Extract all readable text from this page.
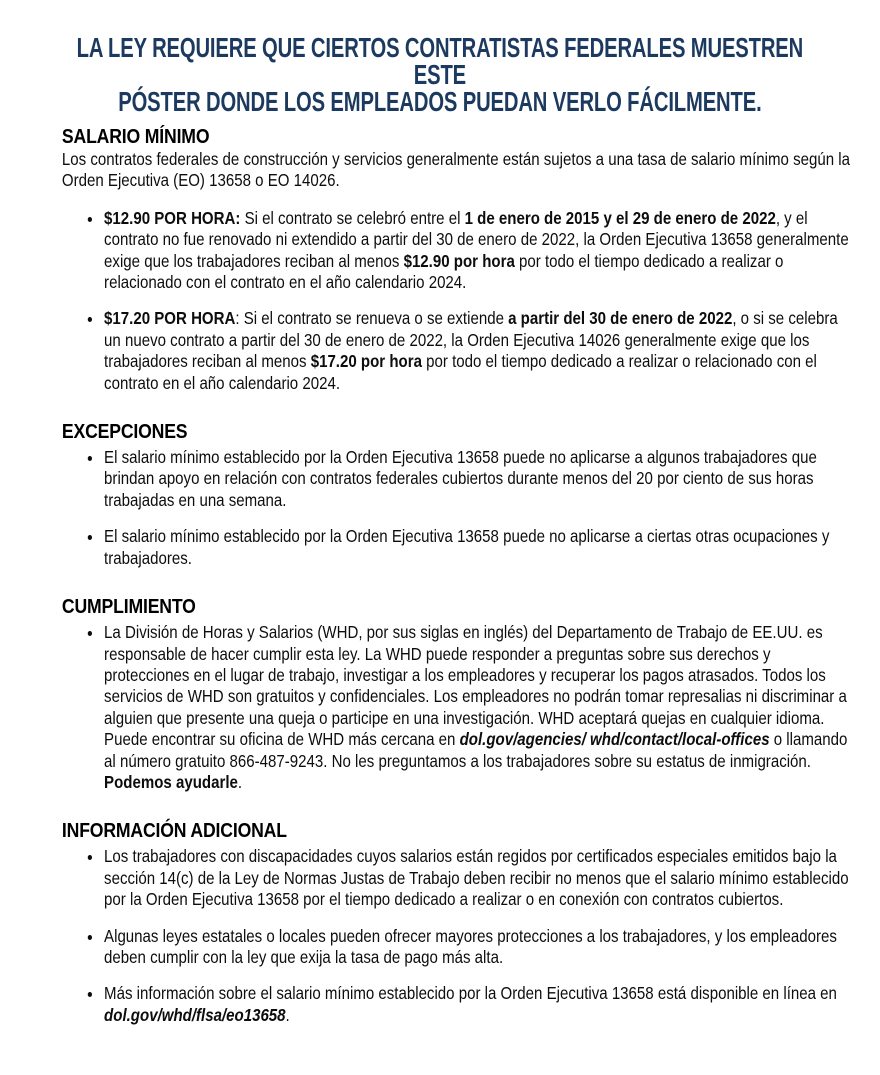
LA LEY REQUIERE QUE CIERTOS CONTRATISTAS FEDERALES MUESTREN ESTE
PÓSTER DONDE LOS EMPLEADOS PUEDAN VERLO FÁCILMENTE.
SALARIO MÍNIMO

Los contratos federales de construcción y servicios generalmente están sujetos a una tasa de salario mínimo según la Orden Ejecutiva (EO) 13658 o EO 14026.

• $12.90 POR HORA: Si el contrato se celebró entre el 1 de enero de 2015 y el 29 de enero de 2022, y el contrato no fue renovado ni extendido a partir del 30 de enero de 2022, la Orden Ejecutiva 13658 generalmente exige que los trabajadores reciban al menos $12.90 por hora por todo el tiempo dedicado a realizar o relacionado con el contrato en el año calendario 2024.
• $17.20 POR HORA: Si el contrato se renueva o se extiende a partir del 30 de enero de 2022, o si se celebra un nuevo contrato a partir del 30 de enero de 2022, la Orden Ejecutiva 14026 generalmente exige que los trabajadores reciban al menos $17.20 por hora por todo el tiempo dedicado a realizar o relacionado con el contrato en el año calendario 2024.
EXCEPCIONES
• El salario mínimo establecido por la Orden Ejecutiva 13658 puede no aplicarse a algunos trabajadores que brindan apoyo en relación con contratos federales cubiertos durante menos del 20 por ciento de sus horas trabajadas en una semana.
• El salario mínimo establecido por la Orden Ejecutiva 13658 puede no aplicarse a ciertas otras ocupaciones y trabajadores.
CUMPLIMIENTO
• La División de Horas y Salarios (WHD, por sus siglas en inglés) del Departamento de Trabajo de EE.UU. es responsable de hacer cumplir esta ley. La WHD puede responder a preguntas sobre sus derechos y protecciones en el lugar de trabajo, investigar a los empleadores y recuperar los pagos atrasados. Todos los servicios de WHD son gratuitos y confidenciales. Los empleadores no podrán tomar represalias ni discriminar a alguien que presente una queja o participe en una investigación. WHD aceptará quejas en cualquier idioma. Puede encontrar su oficina de WHD más cercana en dol.gov/agencies/ whd/contact/local-offices o llamando al número gratuito 866-487-9243. No les preguntamos a los trabajadores sobre su estatus de inmigración. Podemos ayudarle.
INFORMACIÓN ADICIONAL
• Los trabajadores con discapacidades cuyos salarios están regidos por certificados especiales emitidos bajo la sección 14(c) de la Ley de Normas Justas de Trabajo deben recibir no menos que el salario mínimo establecido por la Orden Ejecutiva 13658 por el tiempo dedicado a realizar o en conexión con contratos cubiertos.
• Algunas leyes estatales o locales pueden ofrecer mayores protecciones a los trabajadores, y los empleadores deben cumplir con la ley que exija la tasa de pago más alta.
• Más información sobre el salario mínimo establecido por la Orden Ejecutiva 13658 está disponible en línea en dol.gov/whd/flsa/eo13658.
